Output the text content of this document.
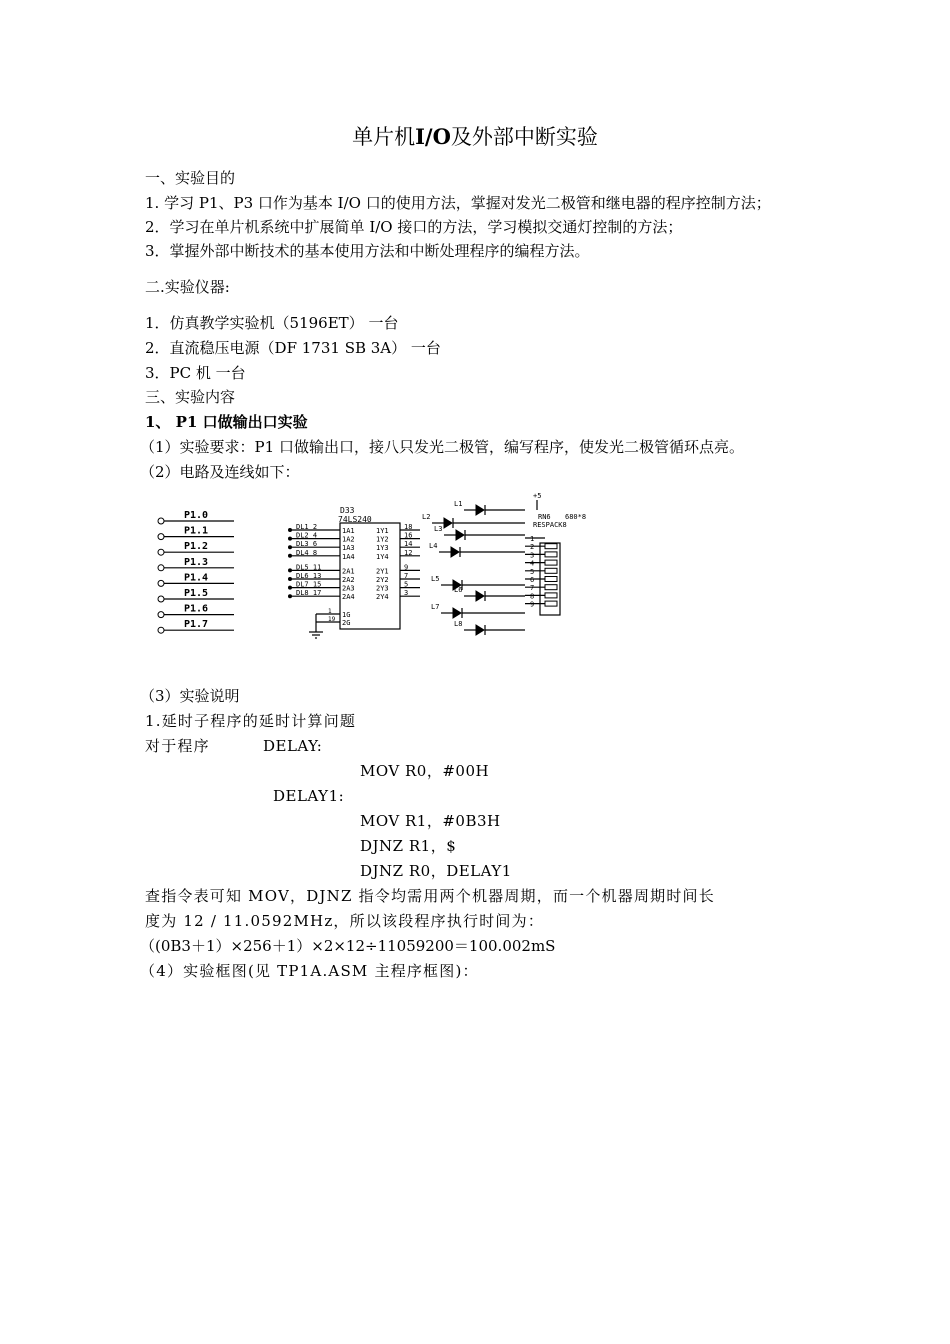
单片机I/O及外部中断实验
一、实验目的
1. 学习 P1、P3 口作为基本 I/O 口的使用方法，掌握对发光二极管和继电器的程序控制方法；
2．学习在单片机系统中扩展简单 I/O 接口的方法，学习模拟交通灯控制的方法；
3．掌握外部中断技术的基本使用方法和中断处理程序的编程方法。
二.实验仪器:
1．仿真教学实验机（5196ET） 一台
2．直流稳压电源（DF 1731 SB 3A） 一台
3．PC 机 一台
三、实验内容
1、 P1 口做输出口实验
（1）实验要求：P1 口做输出口，接八只发光二极管，编写程序，使发光二极管循环点亮。
（2）电路及连线如下：
P1.0
P1.1
P1.2
P1.3
P1.4
P1.5
P1.6
P1.7
D33
74LS240
DL1 2	1A1	1Y1 18
DL2 4	1A2	1Y2 16
DL3 6	1A3	1Y3 14
DL4 8	1A4	1Y4 12
DL5 11	2A1	2Y1 9
DL6 13	2A2	2Y2 7
DL7 15	2A3	2Y3 5
DL8 17	2A4	2Y4 3
1G
1
2G
19
L1
L2
L3
L4
L5
L6
L7
L8
+5
RN6 680*8
RESPACK8
1
2
3
4
5
6
7
8
9
（3）实验说明
1.延时子程序的延时计算问题
对于程序	DELAY:
MOV R0，#00H
DELAY1:
MOV R1，#0B3H
DJNZ R1，$
DJNZ R0，DELAY1
查指令表可知 MOV，DJNZ 指令均需用两个机器周期，而一个机器周期时间长
度为 12 / 11.0592MHz，所以该段程序执行时间为：
（(0B3＋1）×256＋1）×2×12÷11059200＝100.002mS
（4）实验框图(见 TP1A.ASM 主程序框图)：
